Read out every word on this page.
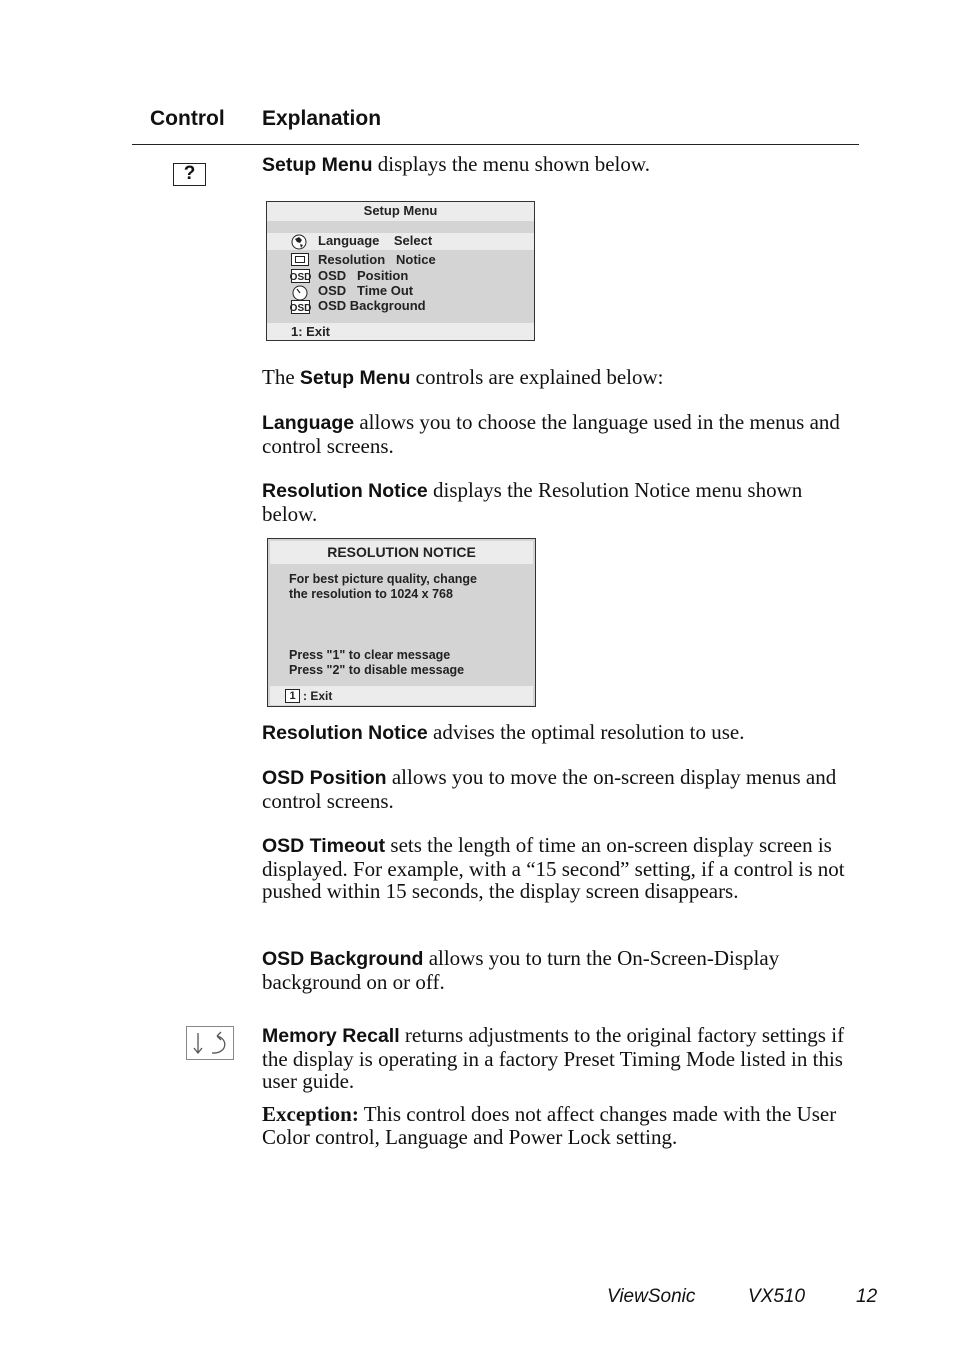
Control Explanation
?	Setup Menu displays the menu shown below.
Setup Menu
OSD
OSD
Language    Select
Resolution   Notice
OSD   Position
OSD   Time Out
OSD Background
1: Exit
The Setup Menu controls are explained below:
Language allows you to choose the language used in the menus and control screens.
Resolution Notice displays the Resolution Notice menu shown below.
RESOLUTION NOTICE
For best picture quality, change
the resolution to 1024 x 768
Press "1" to clear message
Press "2" to disable message
1 : Exit
Resolution Notice advises the optimal resolution to use.
OSD Position allows you to move the on-screen display menus and control screens.
OSD Timeout sets the length of time an on-screen display screen is displayed. For example, with a “15 second” setting, if a control is not pushed within 15 seconds, the display screen disappears.
OSD Background allows you to turn the On-Screen-Display background on or off.
Memory Recall returns adjustments to the original factory settings if the display is operating in a factory Preset Timing Mode listed in this user guide.
Exception: This control does not affect changes made with the User Color control, Language and Power Lock setting.
ViewSonic	VX510	12
